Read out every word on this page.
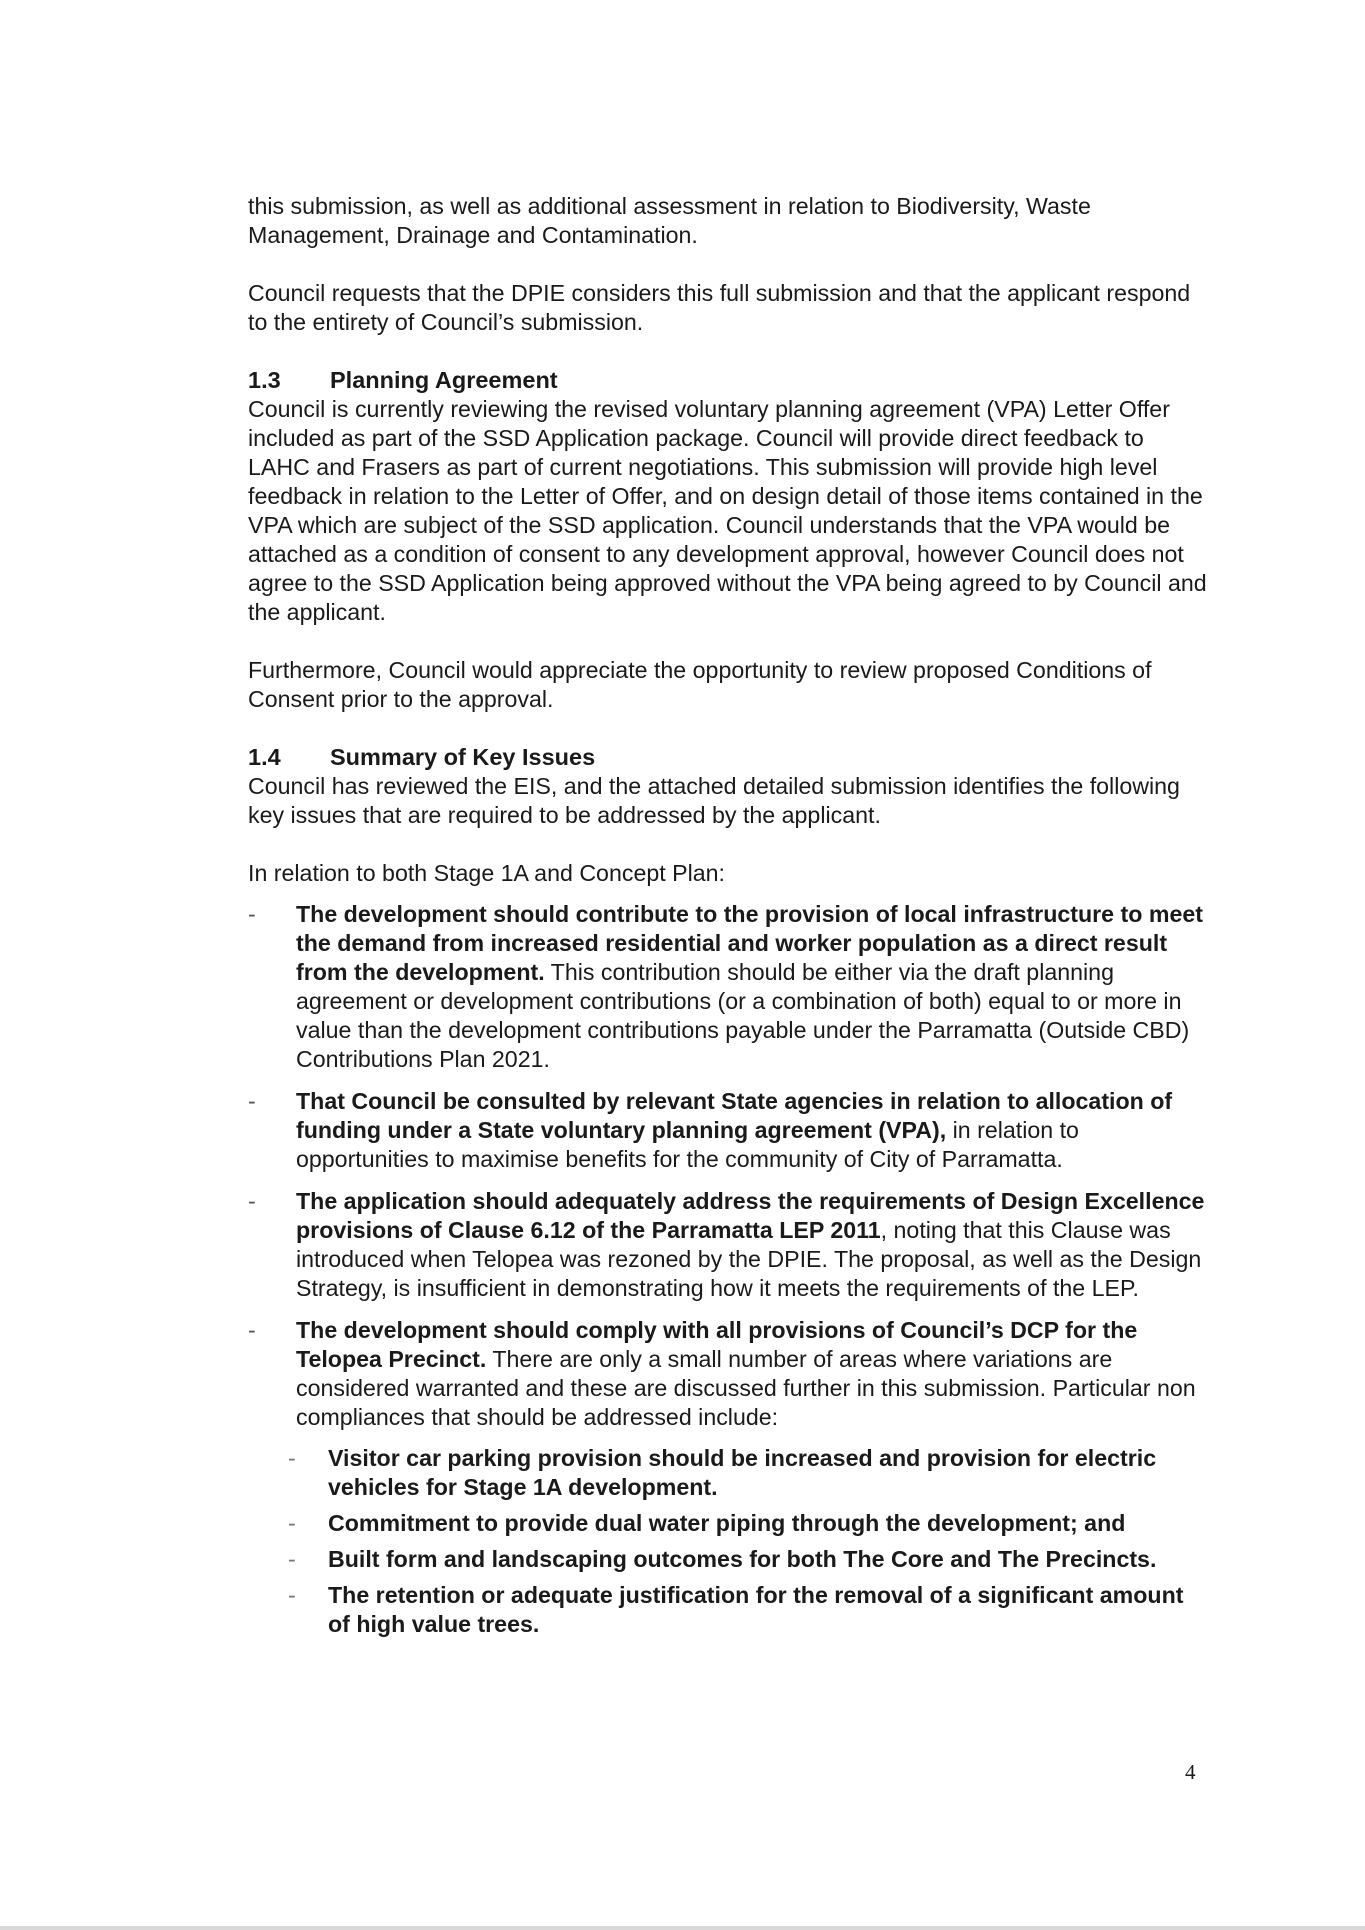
this submission, as well as additional assessment in relation to Biodiversity, Waste Management, Drainage and Contamination.

Council requests that the DPIE considers this full submission and that the applicant respond to the entirety of Council’s submission.

1.3	Planning Agreement

Council is currently reviewing the revised voluntary planning agreement (VPA) Letter Offer included as part of the SSD Application package. Council will provide direct feedback to LAHC and Frasers as part of current negotiations. This submission will provide high level feedback in relation to the Letter of Offer, and on design detail of those items contained in the VPA which are subject of the SSD application. Council understands that the VPA would be attached as a condition of consent to any development approval, however Council does not agree to the SSD Application being approved without the VPA being agreed to by Council and the applicant.

Furthermore, Council would appreciate the opportunity to review proposed Conditions of Consent prior to the approval.

1.4	Summary of Key Issues

Council has reviewed the EIS, and the attached detailed submission identifies the following key issues that are required to be addressed by the applicant.

In relation to both Stage 1A and Concept Plan:

- The development should contribute to the provision of local infrastructure to meet the demand from increased residential and worker population as a direct result from the development. This contribution should be either via the draft planning agreement or development contributions (or a combination of both) equal to or more in value than the development contributions payable under the Parramatta (Outside CBD) Contributions Plan 2021.
- That Council be consulted by relevant State agencies in relation to allocation of funding under a State voluntary planning agreement (VPA), in relation to opportunities to maximise benefits for the community of City of Parramatta.
- The application should adequately address the requirements of Design Excellence provisions of Clause 6.12 of the Parramatta LEP 2011, noting that this Clause was introduced when Telopea was rezoned by the DPIE. The proposal, as well as the Design Strategy, is insufficient in demonstrating how it meets the requirements of the LEP.
- The development should comply with all provisions of Council’s DCP for the Telopea Precinct. There are only a small number of areas where variations are considered warranted and these are discussed further in this submission. Particular non compliances that should be addressed include:
- Visitor car parking provision should be increased and provision for electric vehicles for Stage 1A development.
- Commitment to provide dual water piping through the development; and
- Built form and landscaping outcomes for both The Core and The Precincts.
- The retention or adequate justification for the removal of a significant amount of high value trees.
4
